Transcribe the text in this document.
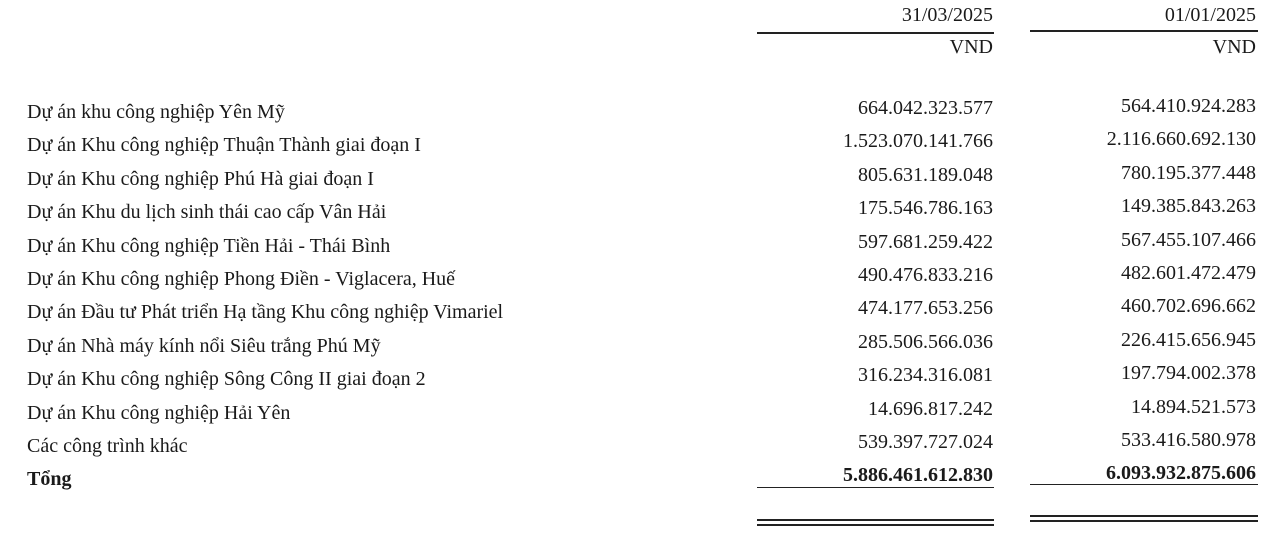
31/03/2025	01/01/2025
VND	VND
Dự án khu công nghiệp Yên Mỹ	664.042.323.577	564.410.924.283
Dự án Khu công nghiệp Thuận Thành giai đoạn I	1.523.070.141.766	2.116.660.692.130
Dự án Khu công nghiệp Phú Hà giai đoạn I	805.631.189.048	780.195.377.448
Dự án Khu du lịch sinh thái cao cấp Vân Hải	175.546.786.163	149.385.843.263
Dự án Khu công nghiệp Tiền Hải - Thái Bình	597.681.259.422	567.455.107.466
Dự án Khu công nghiệp Phong Điền - Viglacera, Huế	490.476.833.216	482.601.472.479
Dự án Đầu tư Phát triển Hạ tầng Khu công nghiệp Vimariel	474.177.653.256	460.702.696.662
Dự án Nhà máy kính nổi Siêu trắng Phú Mỹ	285.506.566.036	226.415.656.945
Dự án Khu công nghiệp Sông Công II giai đoạn 2	316.234.316.081	197.794.002.378
Dự án Khu công nghiệp Hải Yên	14.696.817.242	14.894.521.573
Các công trình khác	539.397.727.024	533.416.580.978
Tổng	5.886.461.612.830	6.093.932.875.606
